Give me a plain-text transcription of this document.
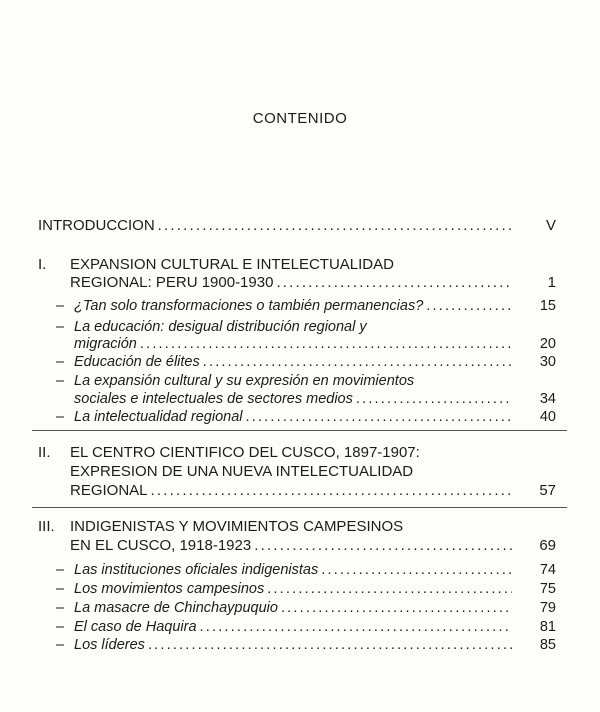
CONTENIDO
INTRODUCCION .....	V
I.	EXPANSION CULTURAL E INTELECTUALIDAD
REGIONAL: PERU 1900-1930 .....	1
– ¿Tan solo transformaciones o también permanencias? .....	15
– La educación: desigual distribución regional y
migración .....	20
– Educación de élites .....	30
– La expansión cultural y su expresión en movimientos
sociales e intelectuales de sectores medios .....	34
– La intelectualidad regional .....	40
II.	EL CENTRO CIENTIFICO DEL CUSCO, 1897-1907:
EXPRESION DE UNA NUEVA INTELECTUALIDAD
REGIONAL .....	57
III.	INDIGENISTAS Y MOVIMIENTOS CAMPESINOS
EN EL CUSCO, 1918-1923 .....	69
– Las instituciones oficiales indigenistas .....	74
– Los movimientos campesinos .....	75
– La masacre de Chinchaypuquio .....	79
– El caso de Haquira .....	81
– Los líderes .....	85
